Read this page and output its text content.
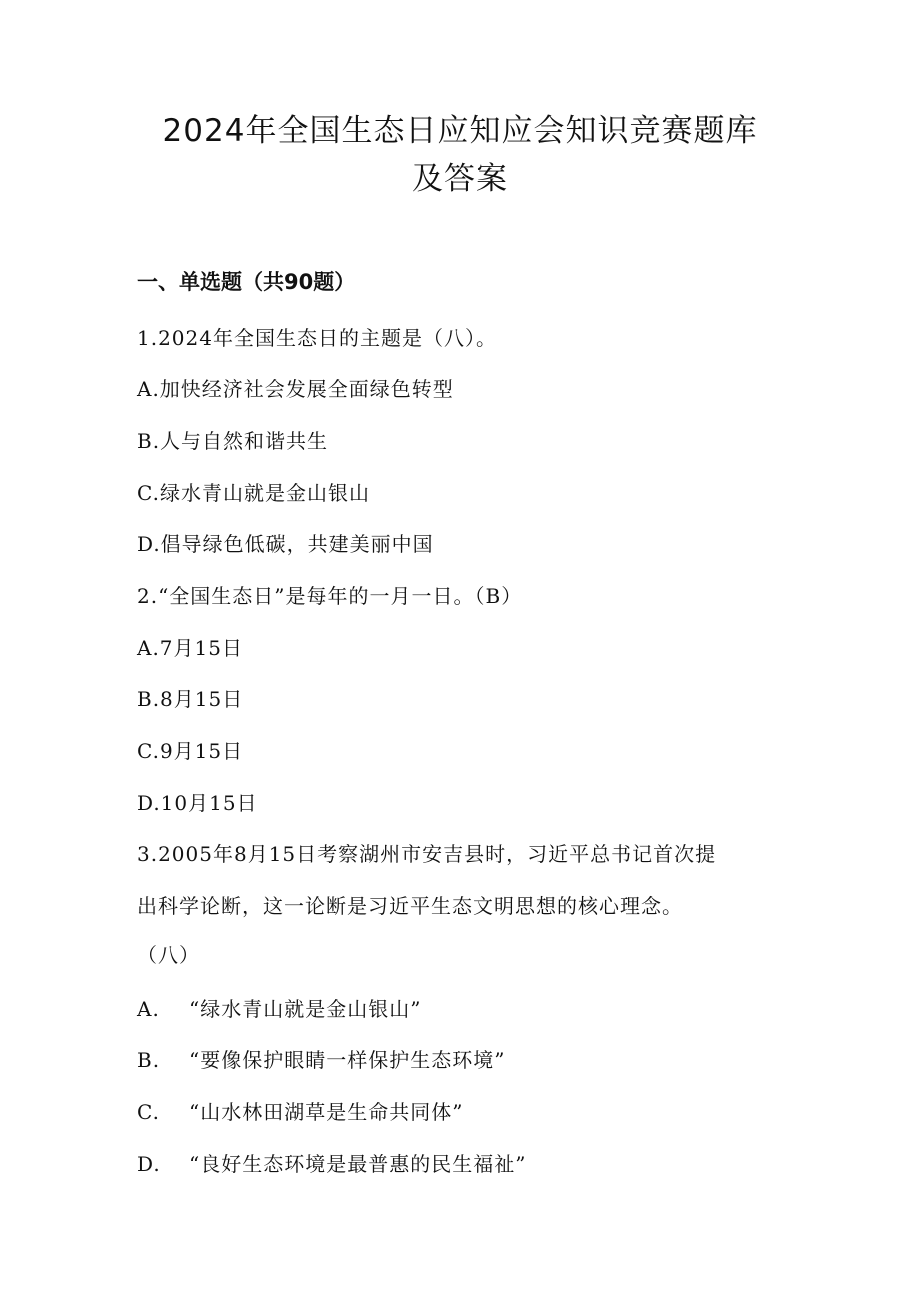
2024年全国生态日应知应会知识竞赛题库
及答案
一、单选题（共90题）
1.2024年全国生态日的主题是（八）。
A.加快经济社会发展全面绿色转型
B.人与自然和谐共生
C.绿水青山就是金山银山
D.倡导绿色低碳，共建美丽中国
2.“全国生态日”是每年的一月一日。（B）
A.7月15日
B.8月15日
C.9月15日
D.10月15日
3.2005年8月15日考察湖州市安吉县时，习近平总书记首次提
出科学论断，这一论断是习近平生态文明思想的核心理念。
（八）
A. “绿水青山就是金山银山”
B. “要像保护眼睛一样保护生态环境”
C. “山水林田湖草是生命共同体”
D. “良好生态环境是最普惠的民生福祉”
